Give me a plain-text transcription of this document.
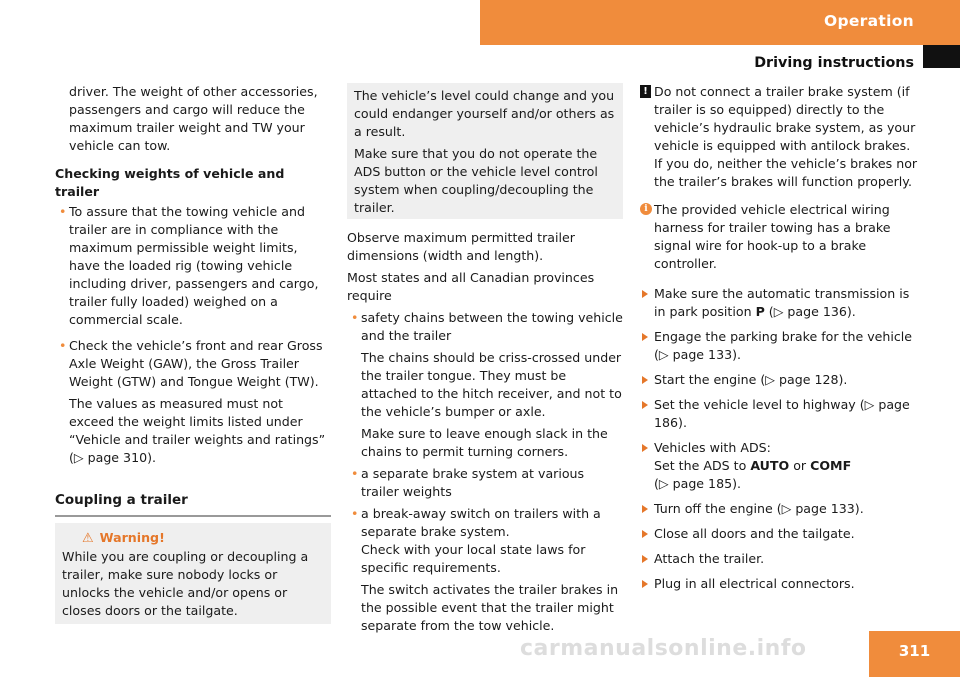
Operation
Driving instructions

driver. The weight of other accessories, passengers and cargo will reduce the maximum trailer weight and TW your vehicle can tow.

Checking weights of vehicle and trailer

• To assure that the towing vehicle and trailer are in compliance with the maximum permissible weight limits, have the loaded rig (towing vehicle including driver, passengers and cargo, trailer fully loaded) weighed on a commercial scale.
• Check the vehicle’s front and rear Gross Axle Weight (GAW), the Gross Trailer Weight (GTW) and Tongue Weight (TW).

The values as measured must not exceed the weight limits listed under “Vehicle and trailer weights and ratings” (▷ page 310).

Coupling a trailer
⚠ Warning!

While you are coupling or decoupling a trailer, make sure nobody locks or unlocks the vehicle and/or opens or closes doors or the tailgate.

The vehicle’s level could change and you could endanger yourself and/or others as a result.

Make sure that you do not operate the ADS button or the vehicle level control system when coupling/decoupling the trailer.

Observe maximum permitted trailer dimensions (width and length).

Most states and all Canadian provinces require

• safety chains between the towing vehicle and the trailer

The chains should be criss-crossed under the trailer tongue. They must be attached to the hitch receiver, and not to the vehicle’s bumper or axle.

Make sure to leave enough slack in the chains to permit turning corners.

• a separate brake system at various trailer weights
• a break-away switch on trailers with a separate brake system.

Check with your local state laws for specific requirements.

The switch activates the trailer brakes in the possible event that the trailer might separate from the tow vehicle.

! Do not connect a trailer brake system (if trailer is so equipped) directly to the vehicle’s hydraulic brake system, as your vehicle is equipped with antilock brakes. If you do, neither the vehicle’s brakes nor the trailer’s brakes will function properly.

i The provided vehicle electrical wiring harness for trailer towing has a brake signal wire for hook-up to a brake controller.

Make sure the automatic transmission is in park position P (▷ page 136).
Engage the parking brake for the vehicle (▷ page 133).
Start the engine (▷ page 128).
Set the vehicle level to highway (▷ page 186).
Vehicles with ADS:
Set the ADS to AUTO or COMF
(▷ page 185).
Turn off the engine (▷ page 133).
Close all doors and the tailgate.
Attach the trailer.
Plug in all electrical connectors.
carmanualsonline.info	311
